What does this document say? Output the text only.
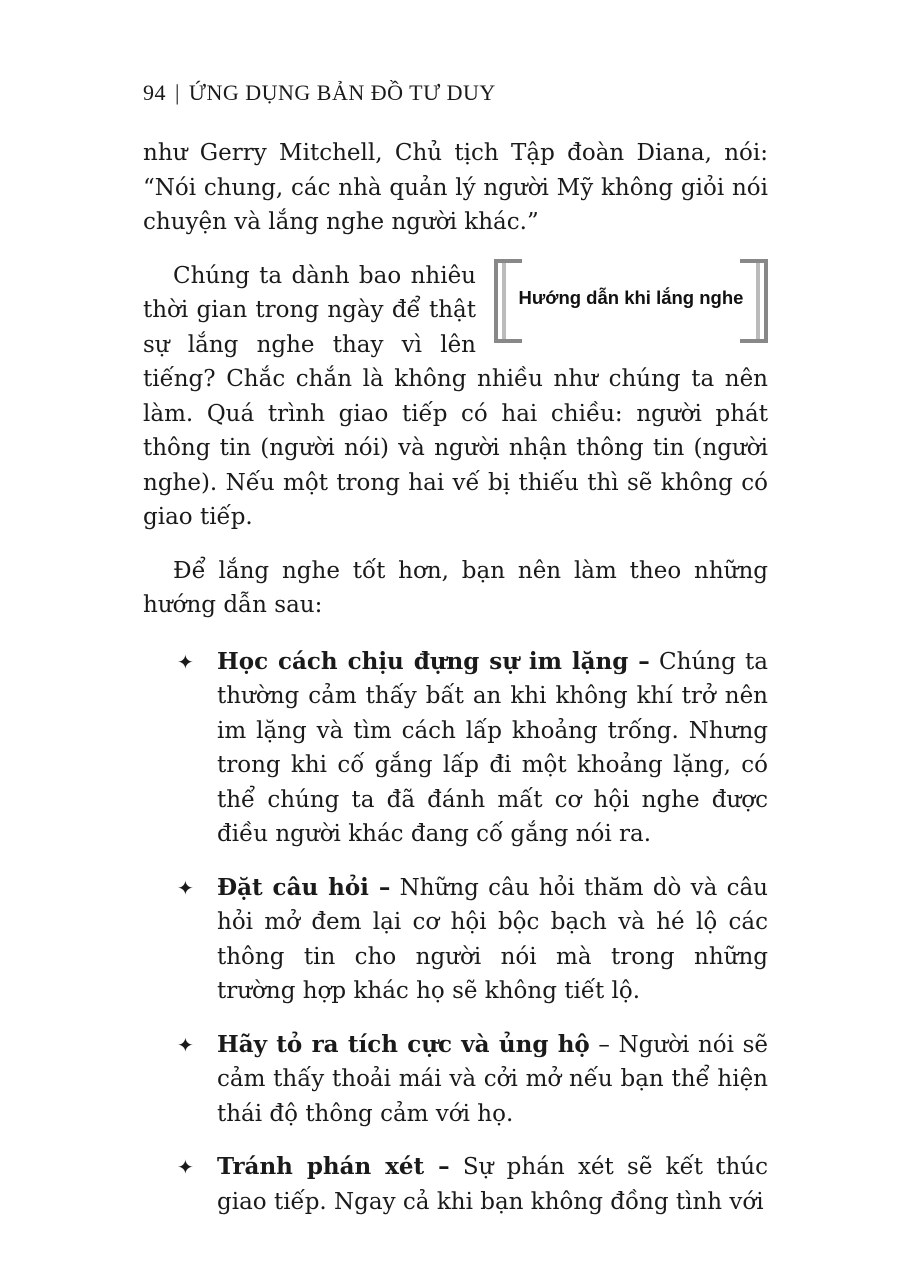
94 | ỨNG DỤNG BẢN ĐỒ TƯ DUY

như Gerry Mitchell, Chủ tịch Tập đoàn Diana, nói: “Nói chung, các nhà quản lý người Mỹ không giỏi nói chuyện và lắng nghe người khác.”

Hướng dẫn khi lắng nghe

Chúng ta dành bao nhiêu thời gian trong ngày để thật sự lắng nghe thay vì lên tiếng? Chắc chắn là không nhiều như chúng ta nên làm. Quá trình giao tiếp có hai chiều: người phát thông tin (người nói) và người nhận thông tin (người nghe). Nếu một trong hai vế bị thiếu thì sẽ không có giao tiếp.

Để lắng nghe tốt hơn, bạn nên làm theo những hướng dẫn sau:

✦ Học cách chịu đựng sự im lặng – Chúng ta thường cảm thấy bất an khi không khí trở nên im lặng và tìm cách lấp khoảng trống. Nhưng trong khi cố gắng lấp đi một khoảng lặng, có thể chúng ta đã đánh mất cơ hội nghe được điều người khác đang cố gắng nói ra.

✦ Đặt câu hỏi – Những câu hỏi thăm dò và câu hỏi mở đem lại cơ hội bộc bạch và hé lộ các thông tin cho người nói mà trong những trường hợp khác họ sẽ không tiết lộ.

✦ Hãy tỏ ra tích cực và ủng hộ – Người nói sẽ cảm thấy thoải mái và cởi mở nếu bạn thể hiện thái độ thông cảm với họ.

✦ Tránh phán xét – Sự phán xét sẽ kết thúc giao tiếp. Ngay cả khi bạn không đồng tình với
